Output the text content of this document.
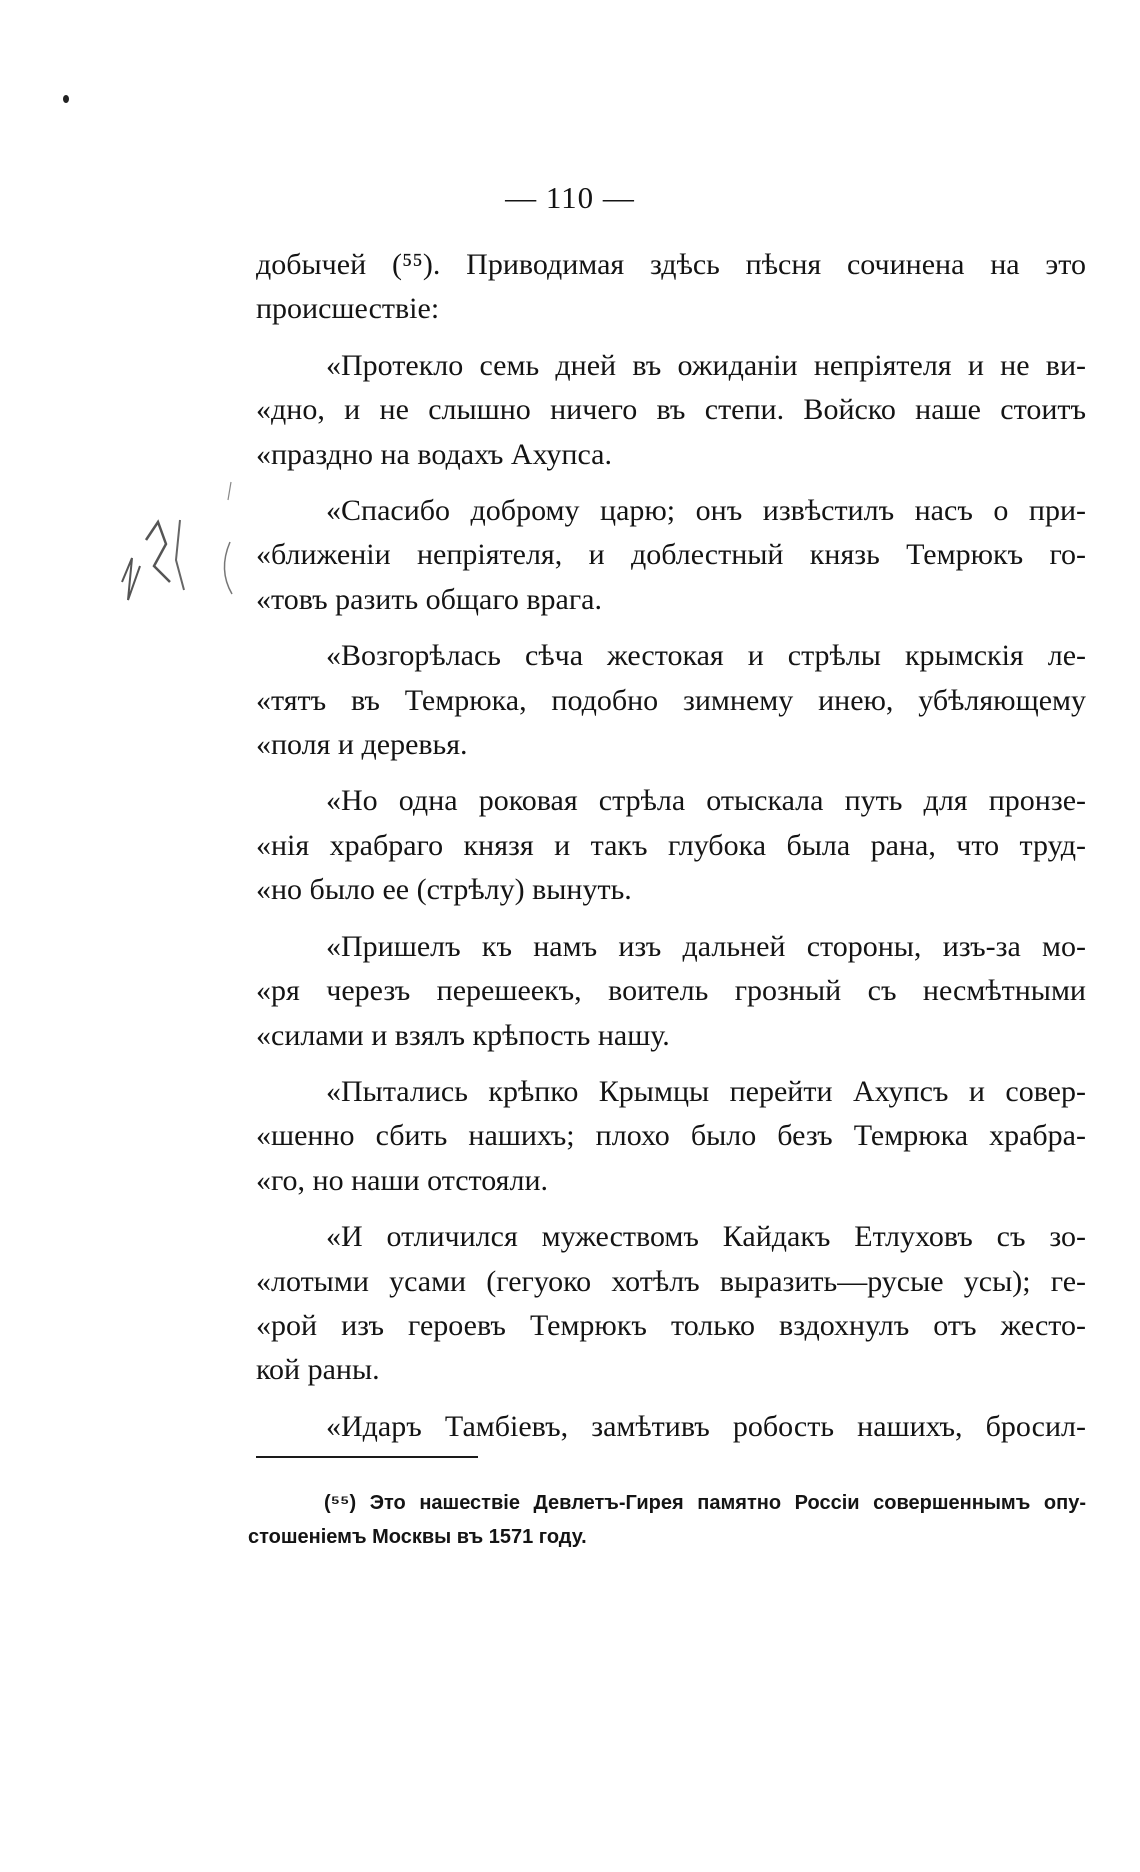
— 110 —
добычей (⁵⁵). Приводимая здѣсь пѣсня сочинена на это
происшествіе:
«Протекло семь дней въ ожиданіи непріятеля и не ви-
«дно, и не слышно ничего въ степи. Войско наше стоитъ
«праздно на водахъ Ахупса.
«Спасибо доброму царю; онъ извѣстилъ насъ о при-
«ближеніи непріятеля, и доблестный князь Темрюкъ го-
«товъ разить общаго врага.
«Возгорѣлась сѣча жестокая и стрѣлы крымскія ле-
«тятъ въ Темрюка, подобно зимнему инею, убѣляющему
«поля и деревья.
«Но одна роковая стрѣла отыскала путь для пронзе-
«нія храбраго князя и такъ глубока была рана, что труд-
«но было ее (стрѣлу) вынуть.
«Пришелъ къ намъ изъ дальней стороны, изъ-за мо-
«ря черезъ перешеекъ, воитель грозный съ несмѣтными
«силами и взялъ крѣпость нашу.
«Пытались крѣпко Крымцы перейти Ахупсъ и совер-
«шенно сбить нашихъ; плохо было безъ Темрюка храбра-
«го, но наши отстояли.
«И отличился мужествомъ Кайдакъ Етлуховъ съ зо-
«лотыми усами (гегуоко хотѣлъ выразить—русые усы); ге-
«рой изъ героевъ Темрюкъ только вздохнулъ отъ жесто-
кой раны.
«Идаръ Тамбіевъ, замѣтивъ робость нашихъ, бросил-
(⁵⁵) Это нашествіе Девлетъ-Гирея памятно Россіи совершеннымъ опу-
стошеніемъ Москвы въ 1571 году.
